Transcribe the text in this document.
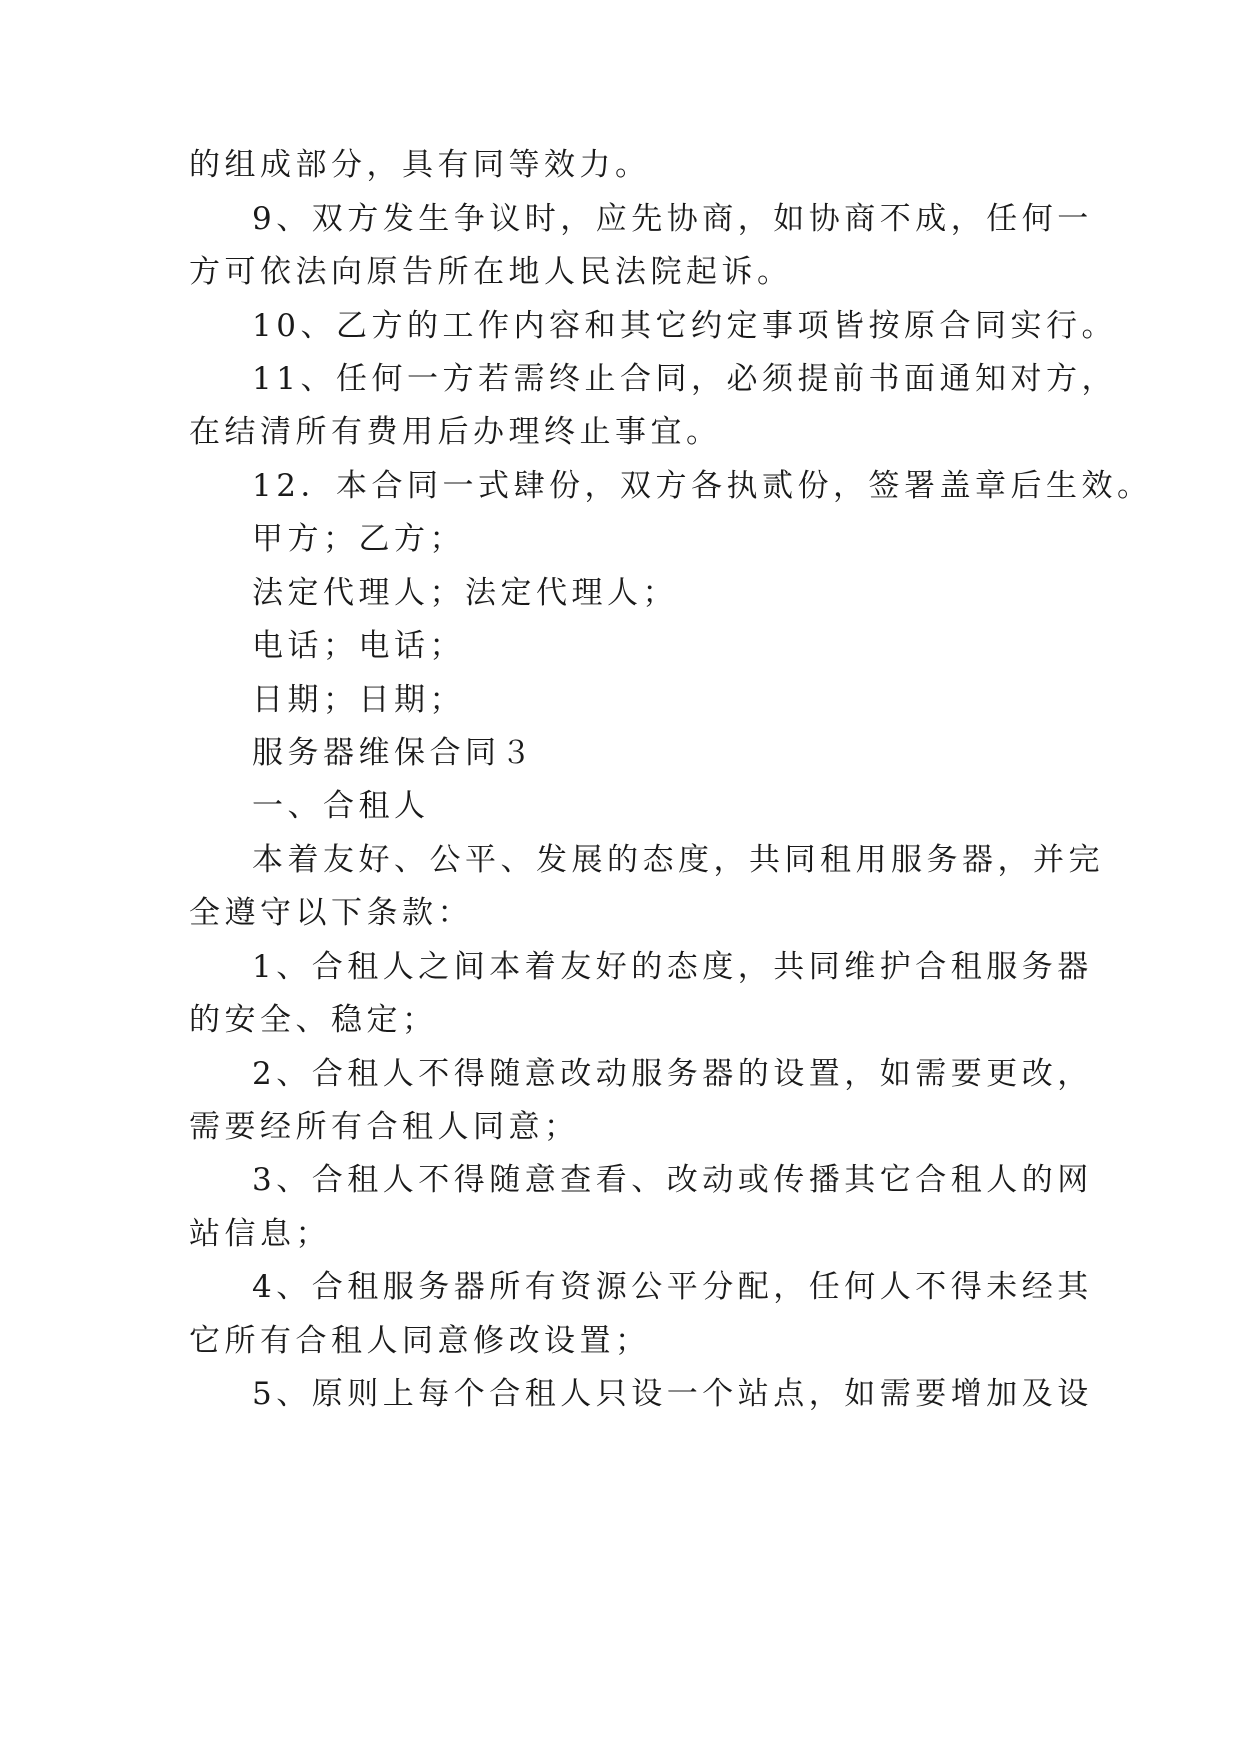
的组成部分，具有同等效力。
9、双方发生争议时，应先协商，如协商不成，任何一
方可依法向原告所在地人民法院起诉。
10、乙方的工作内容和其它约定事项皆按原合同实行。
11、任何一方若需终止合同，必须提前书面通知对方，
在结清所有费用后办理终止事宜。
12．本合同一式肆份，双方各执贰份，签署盖章后生效。
甲方；乙方；
法定代理人；法定代理人；
电话；电话；
日期；日期；
服务器维保合同３
一、合租人
本着友好、公平、发展的态度，共同租用服务器，并完
全遵守以下条款：
1、合租人之间本着友好的态度，共同维护合租服务器
的安全、稳定；
2、合租人不得随意改动服务器的设置，如需要更改，
需要经所有合租人同意；
3、合租人不得随意查看、改动或传播其它合租人的网
站信息；
4、合租服务器所有资源公平分配，任何人不得未经其
它所有合租人同意修改设置；
5、原则上每个合租人只设一个站点，如需要增加及设
